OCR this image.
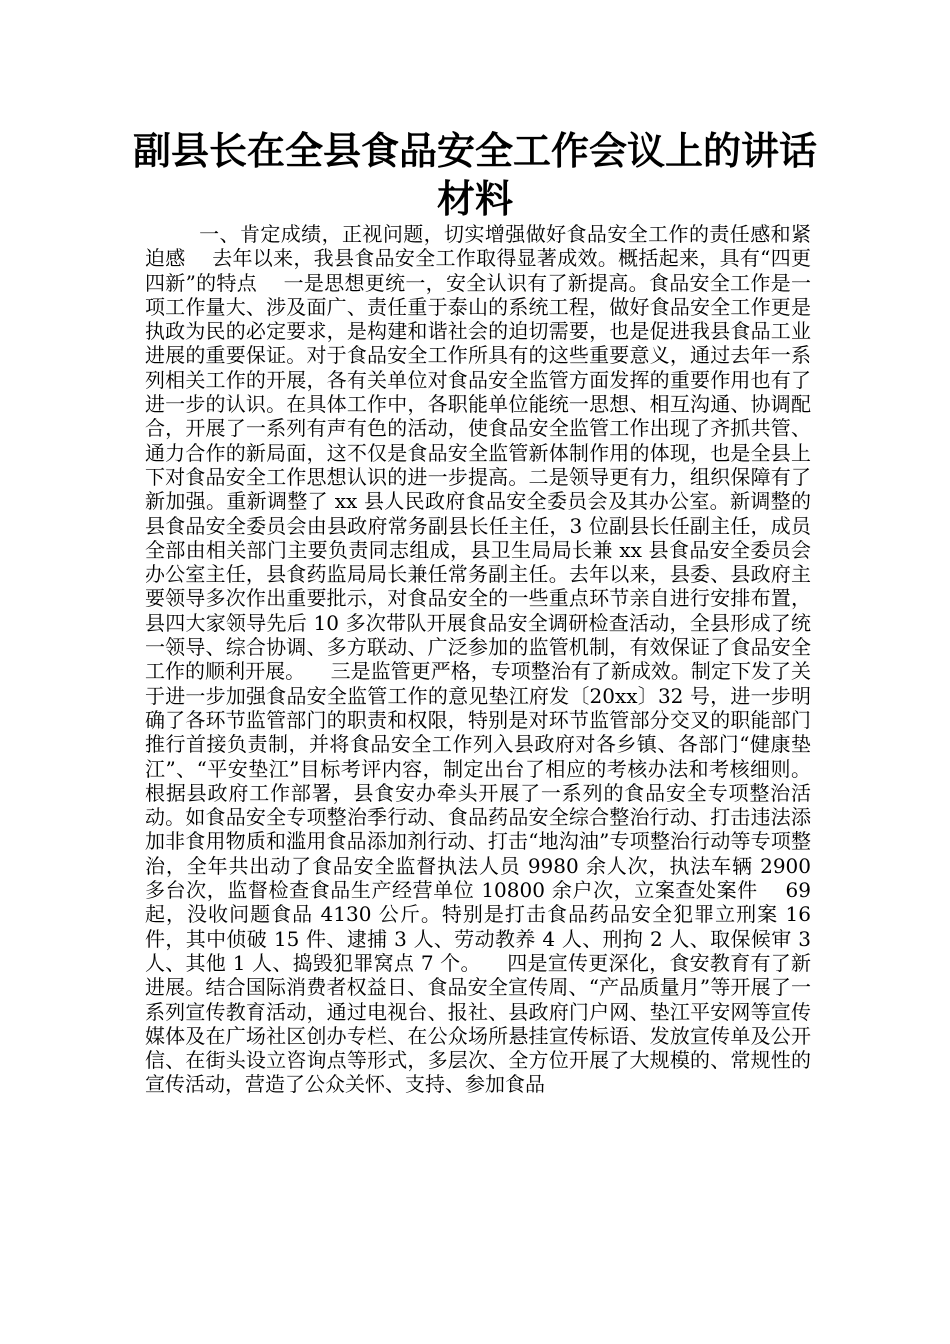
副县长在全县食品安全工作会议上的讲话材料

一、肯定成绩，正视问题，切实增强做好食品安全工作的责任感和紧迫感    去年以来，我县食品安全工作取得显著成效。概括起来，具有“四更四新”的特点    一是思想更统一，安全认识有了新提高。食品安全工作是一项工作量大、涉及面广、责任重于泰山的系统工程，做好食品安全工作更是执政为民的必定要求，是构建和谐社会的迫切需要，也是促进我县食品工业进展的重要保证。对于食品安全工作所具有的这些重要意义，通过去年一系列相关工作的开展，各有关单位对食品安全监管方面发挥的重要作用也有了进一步的认识。在具体工作中，各职能单位能统一思想、相互沟通、协调配合，开展了一系列有声有色的活动，使食品安全监管工作出现了齐抓共管、通力合作的新局面，这不仅是食品安全监管新体制作用的体现，也是全县上下对食品安全工作思想认识的进一步提高。二是领导更有力，组织保障有了新加强。重新调整了 xx 县人民政府食品安全委员会及其办公室。新调整的县食品安全委员会由县政府常务副县长任主任，3 位副县长任副主任，成员全部由相关部门主要负责同志组成，县卫生局局长兼 xx 县食品安全委员会办公室主任，县食药监局局长兼任常务副主任。去年以来，县委、县政府主要领导多次作出重要批示，对食品安全的一些重点环节亲自进行安排布置，县四大家领导先后 10 多次带队开展食品安全调研检查活动，全县形成了统一领导、综合协调、多方联动、广泛参加的监管机制，有效保证了食品安全工作的顺利开展。    三是监管更严格，专项整治有了新成效。制定下发了关于进一步加强食品安全监管工作的意见垫江府发〔20xx〕32 号，进一步明确了各环节监管部门的职责和权限，特别是对环节监管部分交叉的职能部门推行首接负责制，并将食品安全工作列入县政府对各乡镇、各部门“健康垫江”、“平安垫江”目标考评内容，制定出台了相应的考核办法和考核细则。根据县政府工作部署，县食安办牵头开展了一系列的食品安全专项整治活动。如食品安全专项整治季行动、食品药品安全综合整治行动、打击违法添加非食用物质和滥用食品添加剂行动、打击“地沟油”专项整治行动等专项整治，全年共出动了食品安全监督执法人员 9980 余人次，执法车辆 2900 多台次，监督检查食品生产经营单位 10800 余户次，立案查处案件    69 起，没收问题食品 4130 公斤。特别是打击食品药品安全犯罪立刑案 16 件，其中侦破 15 件、逮捕 3 人、劳动教养 4 人、刑拘 2 人、取保候审 3 人、其他 1 人、捣毁犯罪窝点 7 个。    四是宣传更深化，食安教育有了新进展。结合国际消费者权益日、食品安全宣传周、“产品质量月”等开展了一系列宣传教育活动，通过电视台、报社、县政府门户网、垫江平安网等宣传媒体及在广场社区创办专栏、在公众场所悬挂宣传标语、发放宣传单及公开信、在街头设立咨询点等形式，多层次、全方位开展了大规模的、常规性的宣传活动，营造了公众关怀、支持、参加食品
